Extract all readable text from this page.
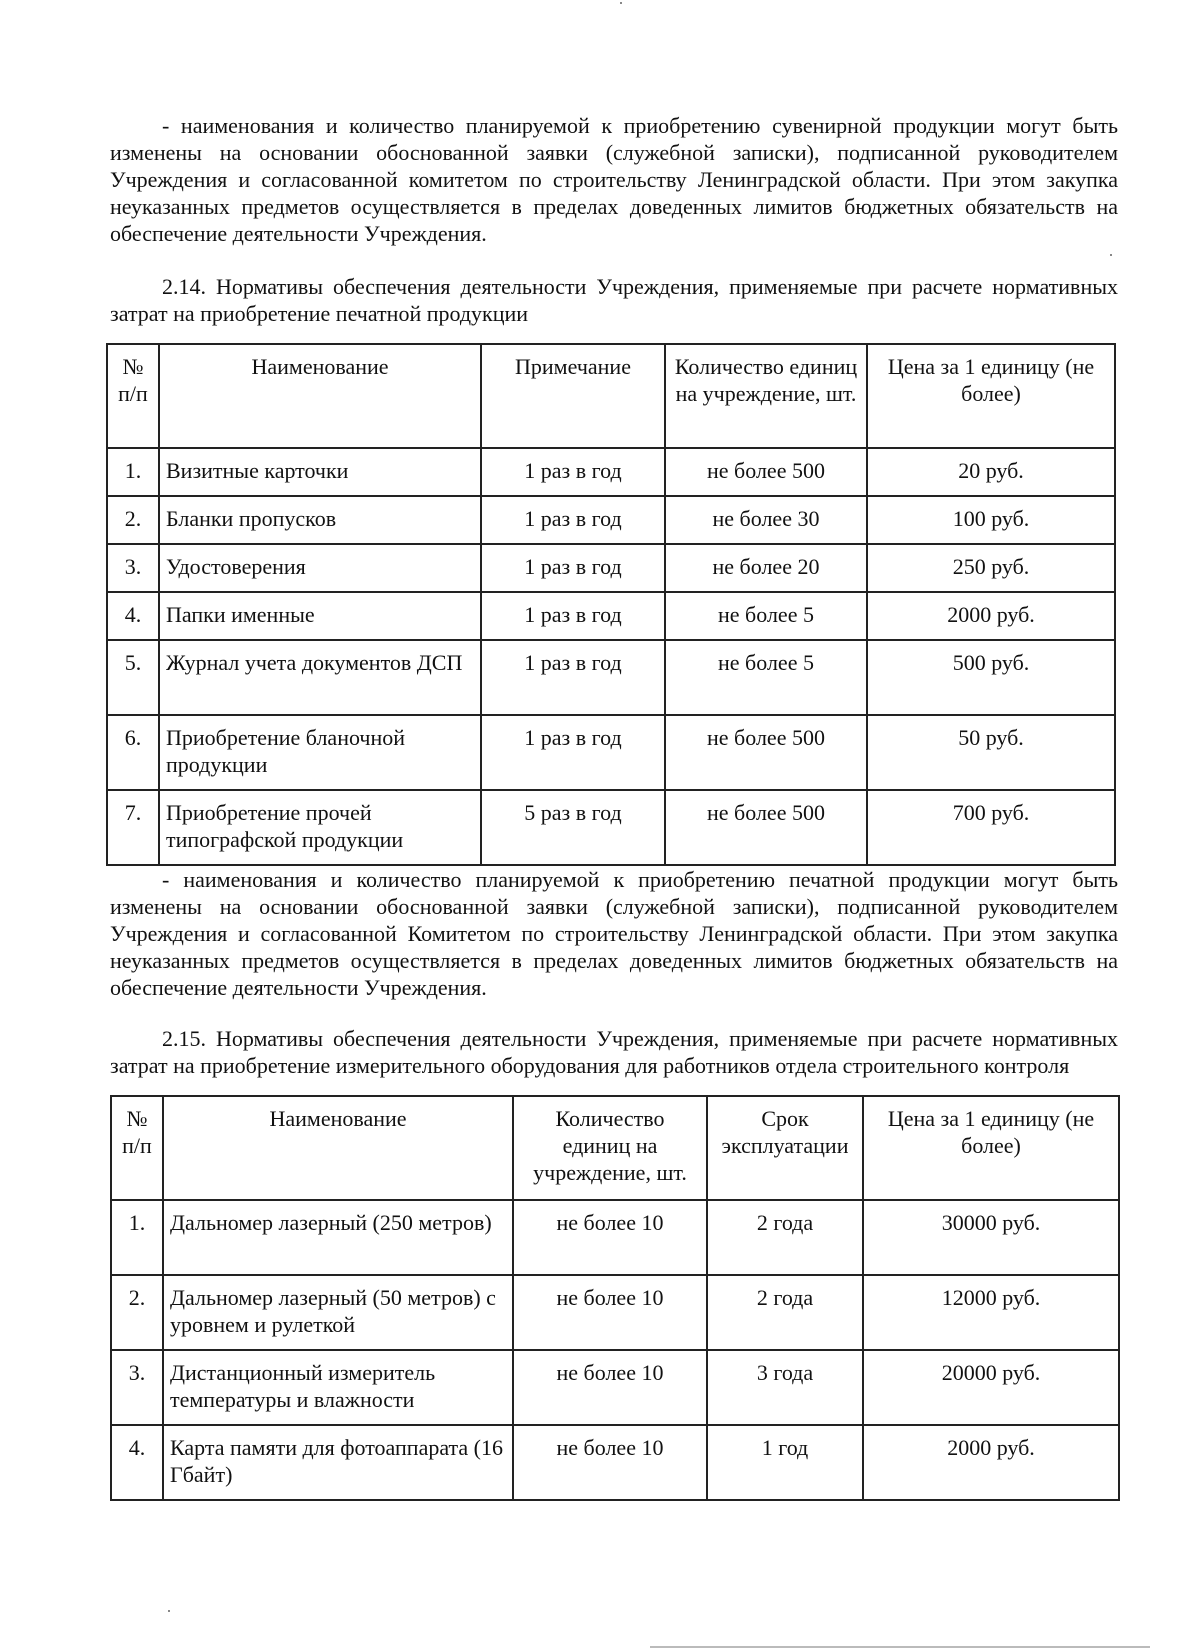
- наименования и количество планируемой к приобретению сувенирной продукции могут быть изменены на основании обоснованной заявки (служебной записки), подписанной руководителем Учреждения и согласованной комитетом по строительству Ленинградской области. При этом закупка неуказанных предметов осуществляется в пределах доведенных лимитов бюджетных обязательств на обеспечение деятельности Учреждения.

2.14. Нормативы обеспечения деятельности Учреждения, применяемые при расчете нормативных затрат на приобретение печатной продукции

№ п/п	Наименование	Примечание	Количество единиц на учреждение, шт.	Цена за 1 единицу (не более)
1.	Визитные карточки	1 раз в год	не более 500	20 руб.
2.	Бланки пропусков	1 раз в год	не более 30	100 руб.
3.	Удостоверения	1 раз в год	не более 20	250 руб.
4.	Папки именные	1 раз в год	не более 5	2000 руб.
5.	Журнал учета документов ДСП	1 раз в год	не более 5	500 руб.
6.	Приобретение бланочной продукции	1 раз в год	не более 500	50 руб.
7.	Приобретение прочей типографской продукции	5 раз в год	не более 500	700 руб.

- наименования и количество планируемой к приобретению печатной продукции могут быть изменены на основании обоснованной заявки (служебной записки), подписанной руководителем Учреждения и согласованной Комитетом по строительству Ленинградской области. При этом закупка неуказанных предметов осуществляется в пределах доведенных лимитов бюджетных обязательств на обеспечение деятельности Учреждения.

2.15. Нормативы обеспечения деятельности Учреждения, применяемые при расчете нормативных затрат на приобретение измерительного оборудования для работников отдела строительного контроля

№ п/п	Наименование	Количество единиц на учреждение, шт.	Срок эксплуатации	Цена за 1 единицу (не более)
1.	Дальномер лазерный (250 метров)	не более 10	2 года	30000 руб.
2.	Дальномер лазерный (50 метров) с уровнем и рулеткой	не более 10	2 года	12000 руб.
3.	Дистанционный измеритель температуры и влажности	не более 10	3 года	20000 руб.
4.	Карта памяти для фотоаппарата (16 Гбайт)	не более 10	1 год	2000 руб.
